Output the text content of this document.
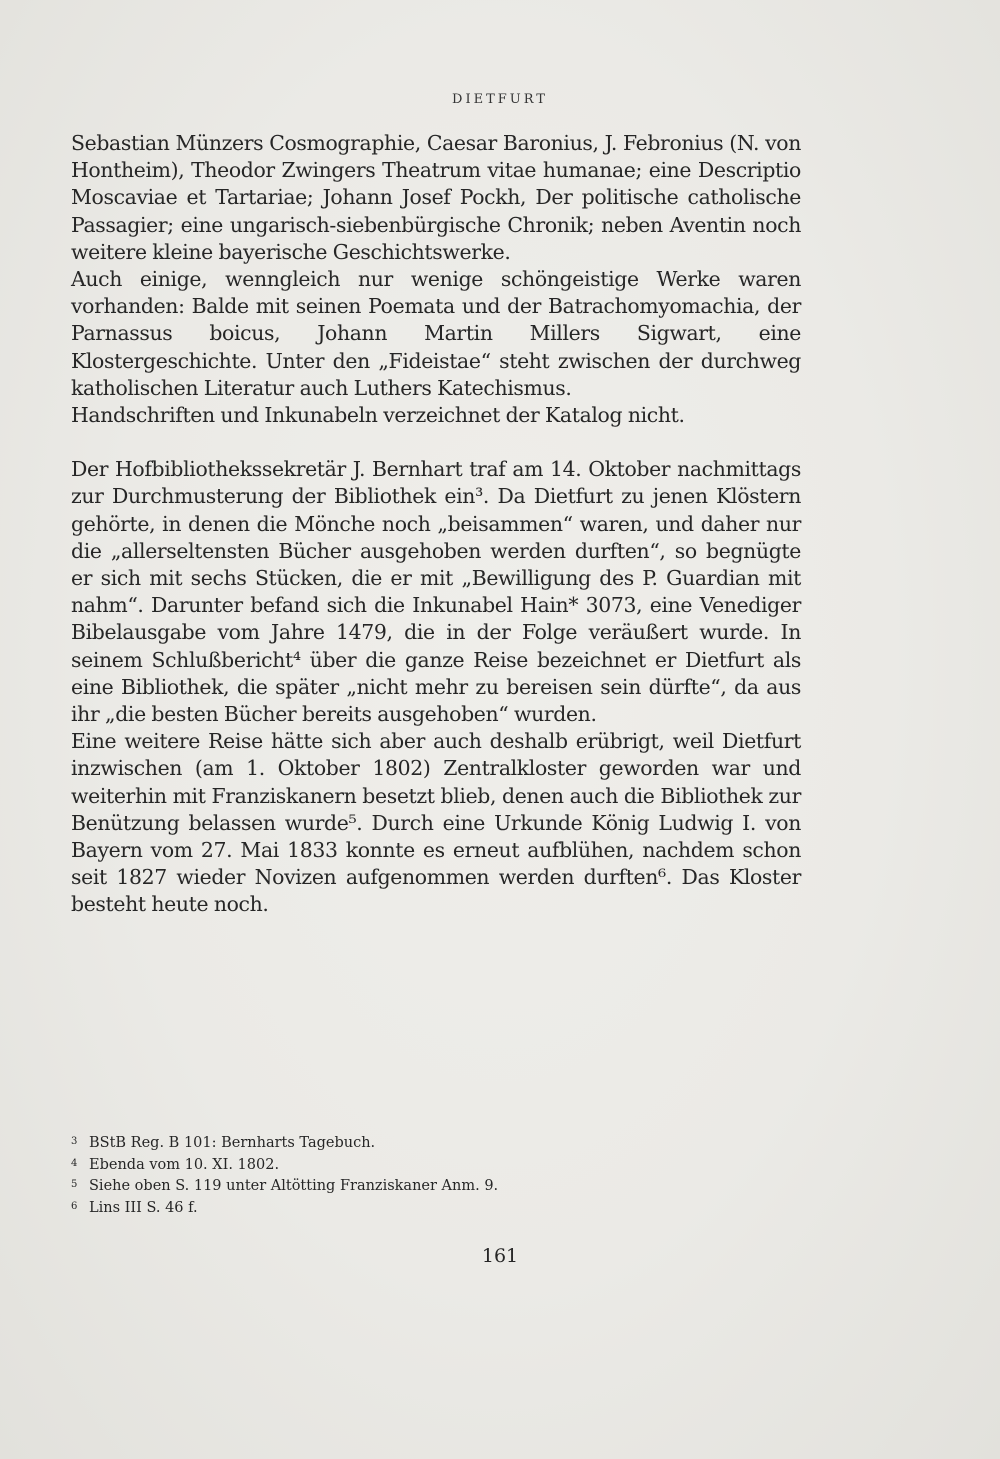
DIETFURT

Sebastian Münzers Cosmographie, Caesar Baronius, J. Febronius (N. von Hontheim), Theodor Zwingers Theatrum vitae humanae; eine Descriptio Moscaviae et Tartariae; Johann Josef Pockh, Der politische catholische Passagier; eine ungarisch-siebenbürgische Chronik; neben Aventin noch weitere kleine bayerische Geschichtswerke.

Auch einige, wenngleich nur wenige schöngeistige Werke waren vorhanden: Balde mit seinen Poemata und der Batrachomyomachia, der Parnassus boicus, Johann Martin Millers Sigwart, eine Klostergeschichte. Unter den „Fideistae“ steht zwischen der durchweg katholischen Literatur auch Luthers Katechismus.

Handschriften und Inkunabeln verzeichnet der Katalog nicht.

Der Hofbibliothekssekretär J. Bernhart traf am 14. Oktober nachmittags zur Durchmusterung der Bibliothek ein³. Da Dietfurt zu jenen Klöstern gehörte, in denen die Mönche noch „beisammen“ waren, und daher nur die „allerseltensten Bücher ausgehoben werden durften“, so begnügte er sich mit sechs Stücken, die er mit „Bewilligung des P. Guardian mit nahm“. Darunter befand sich die Inkunabel Hain* 3073, eine Venediger Bibelausgabe vom Jahre 1479, die in der Folge veräußert wurde. In seinem Schlußbericht⁴ über die ganze Reise bezeichnet er Dietfurt als eine Bibliothek, die später „nicht mehr zu bereisen sein dürfte“, da aus ihr „die besten Bücher bereits ausgehoben“ wurden.

Eine weitere Reise hätte sich aber auch deshalb erübrigt, weil Dietfurt inzwischen (am 1. Oktober 1802) Zentralkloster geworden war und weiterhin mit Franziskanern besetzt blieb, denen auch die Bibliothek zur Benützung belassen wurde⁵. Durch eine Urkunde König Ludwig I. von Bayern vom 27. Mai 1833 konnte es erneut aufblühen, nachdem schon seit 1827 wieder Novizen aufgenommen werden durften⁶. Das Kloster besteht heute noch.

3 BStB Reg. B 101: Bernharts Tagebuch.

4 Ebenda vom 10. XI. 1802.

5 Siehe oben S. 119 unter Altötting Franziskaner Anm. 9.

6 Lins III S. 46 f.

161
